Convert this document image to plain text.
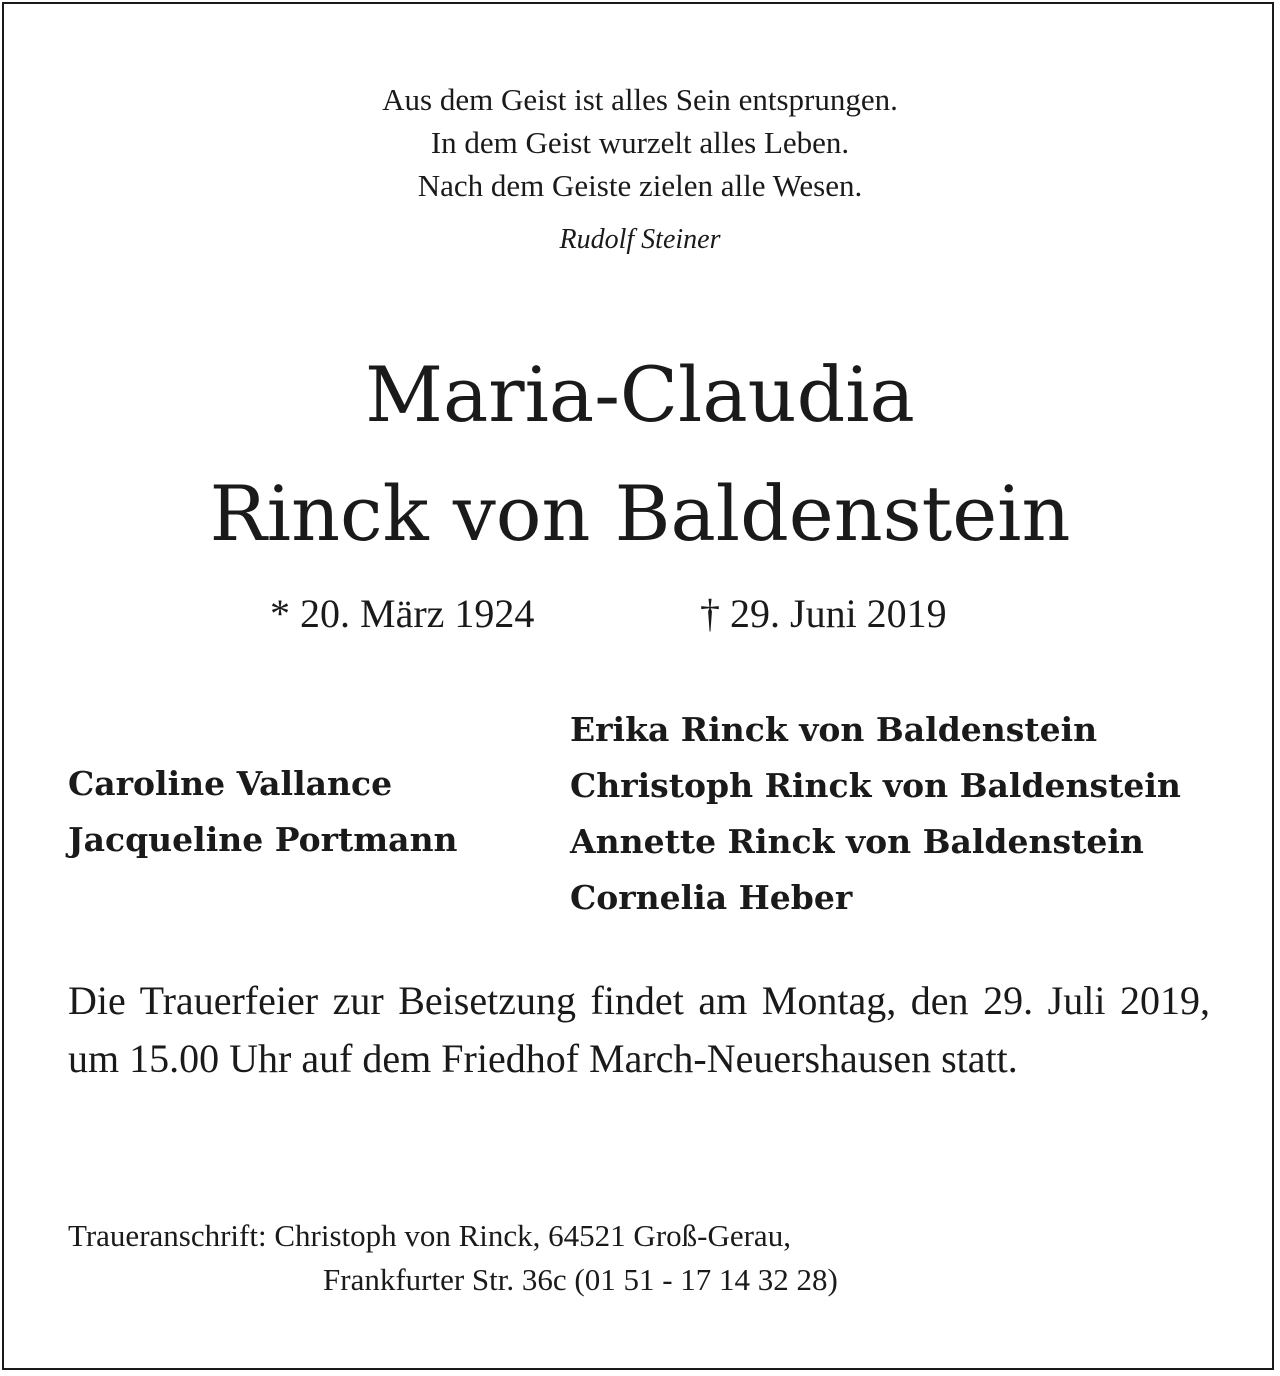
Aus dem Geist ist alles Sein entsprungen.
In dem Geist wurzelt alles Leben.
Nach dem Geiste zielen alle Wesen.
Rudolf Steiner
Maria-Claudia
Rinck von Baldenstein
* 20. März 1924	† 29. Juni 2019
Caroline Vallance
Jacqueline Portmann
Erika Rinck von Baldenstein
Christoph Rinck von Baldenstein
Annette Rinck von Baldenstein
Cornelia Heber
Die Trauerfeier zur Beisetzung findet am Montag, den 29. Juli 2019, um 15.00 Uhr auf dem Friedhof March-Neuershausen statt.
Traueranschrift: Christoph von Rinck, 64521 Groß-Gerau,
Frankfurter Str. 36c (01 51 - 17 14 32 28)
